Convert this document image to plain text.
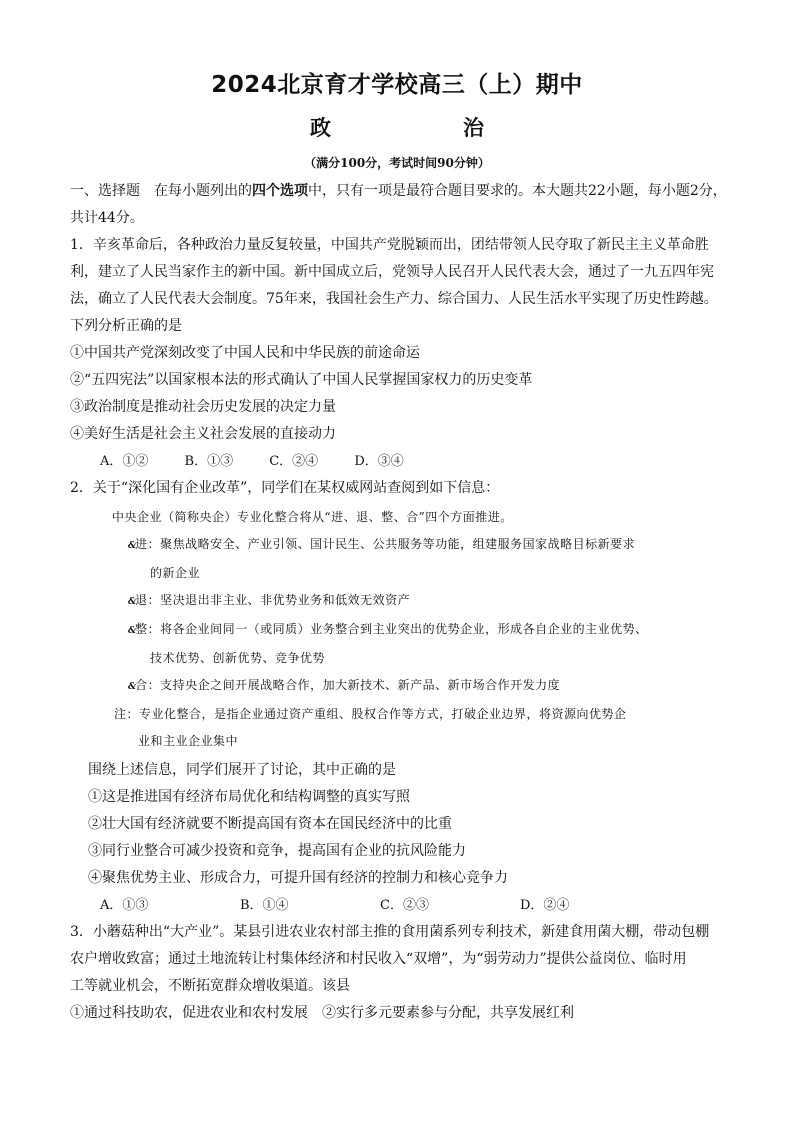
2024北京育才学校高三（上）期中
政　　治
（满分100分，考试时间90分钟）
一、选择题　在每小题列出的四个选项中，只有一项是最符合题目要求的。本大题共22小题，每小题2分，
共计44分。
1．辛亥革命后，各种政治力量反复较量，中国共产党脱颖而出，团结带领人民夺取了新民主主义革命胜
利，建立了人民当家作主的新中国。新中国成立后，党领导人民召开人民代表大会，通过了一九五四年宪
法，确立了人民代表大会制度。75年来，我国社会生产力、综合国力、人民生活水平实现了历史性跨越。
下列分析正确的是
①中国共产党深刻改变了中国人民和中华民族的前途命运
②“五四宪法”以国家根本法的形式确认了中国人民掌握国家权力的历史变革
③政治制度是推动社会历史发展的决定力量
④美好生活是社会主义社会发展的直接动力
A．①②	B．①③	C．②④	D．③④
2．关于“深化国有企业改革”，同学们在某权威网站查阅到如下信息：
中央企业（简称央企）专业化整合将从“进、退、整、合”四个方面推进。
&进：聚焦战略安全、产业引领、国计民生、公共服务等功能，组建服务国家战略目标新要求
的新企业
&退：坚决退出非主业、非优势业务和低效无效资产
&整：将各企业间同一（或同质）业务整合到主业突出的优势企业，形成各自企业的主业优势、
技术优势、创新优势、竞争优势
&合：支持央企之间开展战略合作，加大新技术、新产品、新市场合作开发力度
注：专业化整合，是指企业通过资产重组、股权合作等方式，打破企业边界，将资源向优势企
业和主业企业集中
围绕上述信息，同学们展开了讨论，其中正确的是
①这是推进国有经济布局优化和结构调整的真实写照
②壮大国有经济就要不断提高国有资本在国民经济中的比重
③同行业整合可减少投资和竞争，提高国有企业的抗风险能力
④聚焦优势主业、形成合力，可提升国有经济的控制力和核心竞争力
A．①③	B．①④	C．②③	D．②④
3．小蘑菇种出“大产业”。某县引进农业农村部主推的食用菌系列专利技术，新建食用菌大棚，带动包棚
农户增收致富；通过土地流转让村集体经济和村民收入“双增”，为“弱劳动力”提供公益岗位、临时用
工等就业机会，不断拓宽群众增收渠道。该县
①通过科技助农，促进农业和农村发展　②实行多元要素参与分配，共享发展红利
